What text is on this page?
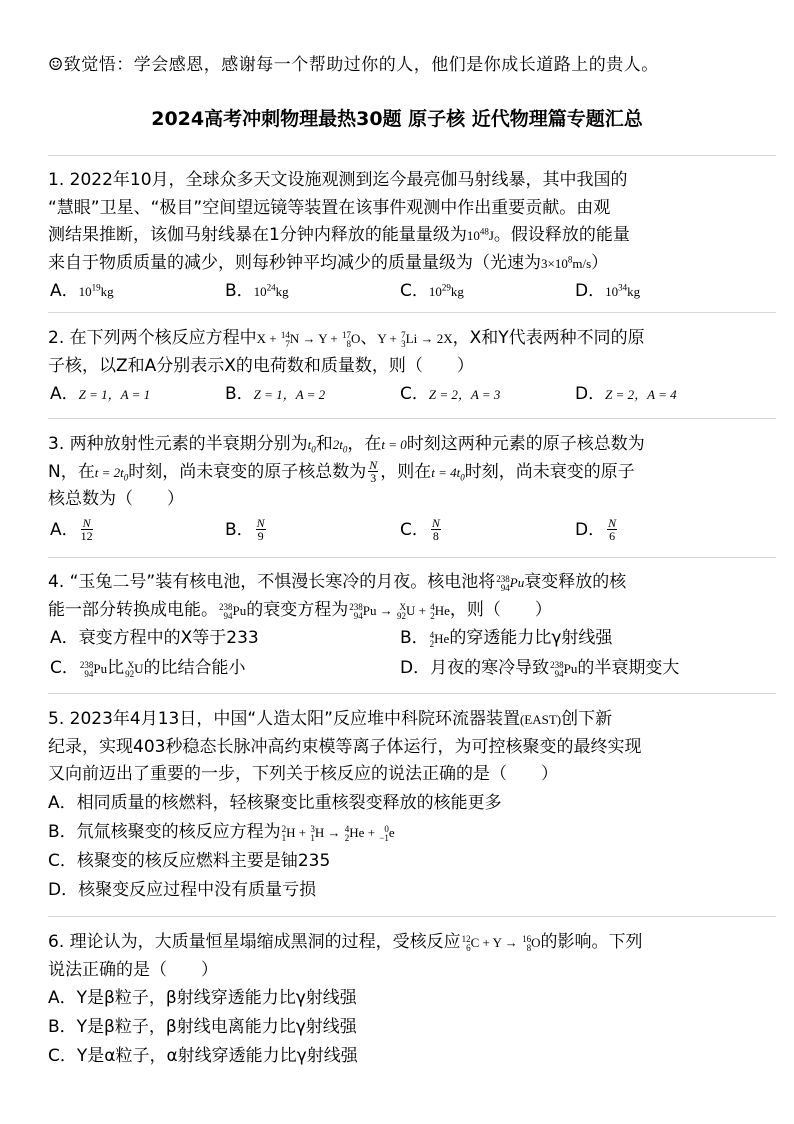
☺致觉悟：学会感恩，感谢每一个帮助过你的人，他们是你成长道路上的贵人。
2024高考冲刺物理最热30题 原子核 近代物理篇专题汇总

1. 2022年10月，全球众多天文设施观测到迄今最亮伽马射线暴，其中我国的

“慧眼”卫星、“极目”空间望远镜等装置在该事件观测中作出重要贡献。由观

测结果推断，该伽马射线暴在1分钟内释放的能量量级为$10^{48}J$。假设释放的能量

来自于物质质量的减少，则每秒钟平均减少的质量量级为（光速为$3\times 10^8m/s$）

A．$10^{19}kg$	B．$10^{24}kg$	C．$10^{29}kg$	D．$10^{34}kg$

2. 在下列两个核反应方程中X + 14
7 N → Y + 17
8 O、Y + 7
3 Li → 2X，X和Y代表两种不同的原

子核，以Z和A分别表示X的电荷数和质量数，则（　　）

A．Z = 1，A = 1	B．Z = 1，A = 2	C．Z = 2，A = 3	D．Z = 2，A = 4

3. 两种放射性元素的半衰期分别为$t_0$和$2t_0$，在t = 0时刻这两种元素的原子核总数为

N，在$t = 2t_0$时刻，尚未衰变的原子核总数为 $\frac{N}{3}$ ，则在$t = 4t_0$时刻，尚未衰变的原子

核总数为（　　）

A． $\frac{N}{12}$	B． $\frac{N}{9}$	C． $\frac{N}{8}$	D． $\frac{N}{6}$

4. “玉兔二号”装有核电池，不惧漫长寒冷的月夜。核电池将 238
94 Pu衰变释放的核

能一部分转换成电能。 238
94 Pu的衰变方程为 238
94 Pu → X
92 U + 4
2 He，则（　　）

A．衰变方程中的X等于233	B． 4
2 He的穿透能力比γ射线强
C． 238
94 Pu比 X
92 U的比结合能小	D．月夜的寒冷导致 238
94 Pu的半衰期变大

5. 2023年4月13日，中国“人造太阳”反应堆中科院环流器装置(EAST)创下新

纪录，实现403秒稳态长脉冲高约束模等离子体运行，为可控核聚变的最终实现

又向前迈出了重要的一步，下列关于核反应的说法正确的是（　　）

A．相同质量的核燃料，轻核聚变比重核裂变释放的核能更多
B．氘氚核聚变的核反应方程为 2
1 H + 3
1 H → 4
2 He + 0
−1 e
C．核聚变的核反应燃料主要是铀235
D．核聚变反应过程中没有质量亏损

6. 理论认为，大质量恒星塌缩成黑洞的过程，受核反应 12
6 C + Y → 16
8 O的影响。下列

说法正确的是（　　）

A．Y是β粒子，β射线穿透能力比γ射线强
B．Y是β粒子，β射线电离能力比γ射线强
C．Y是α粒子，α射线穿透能力比γ射线强
